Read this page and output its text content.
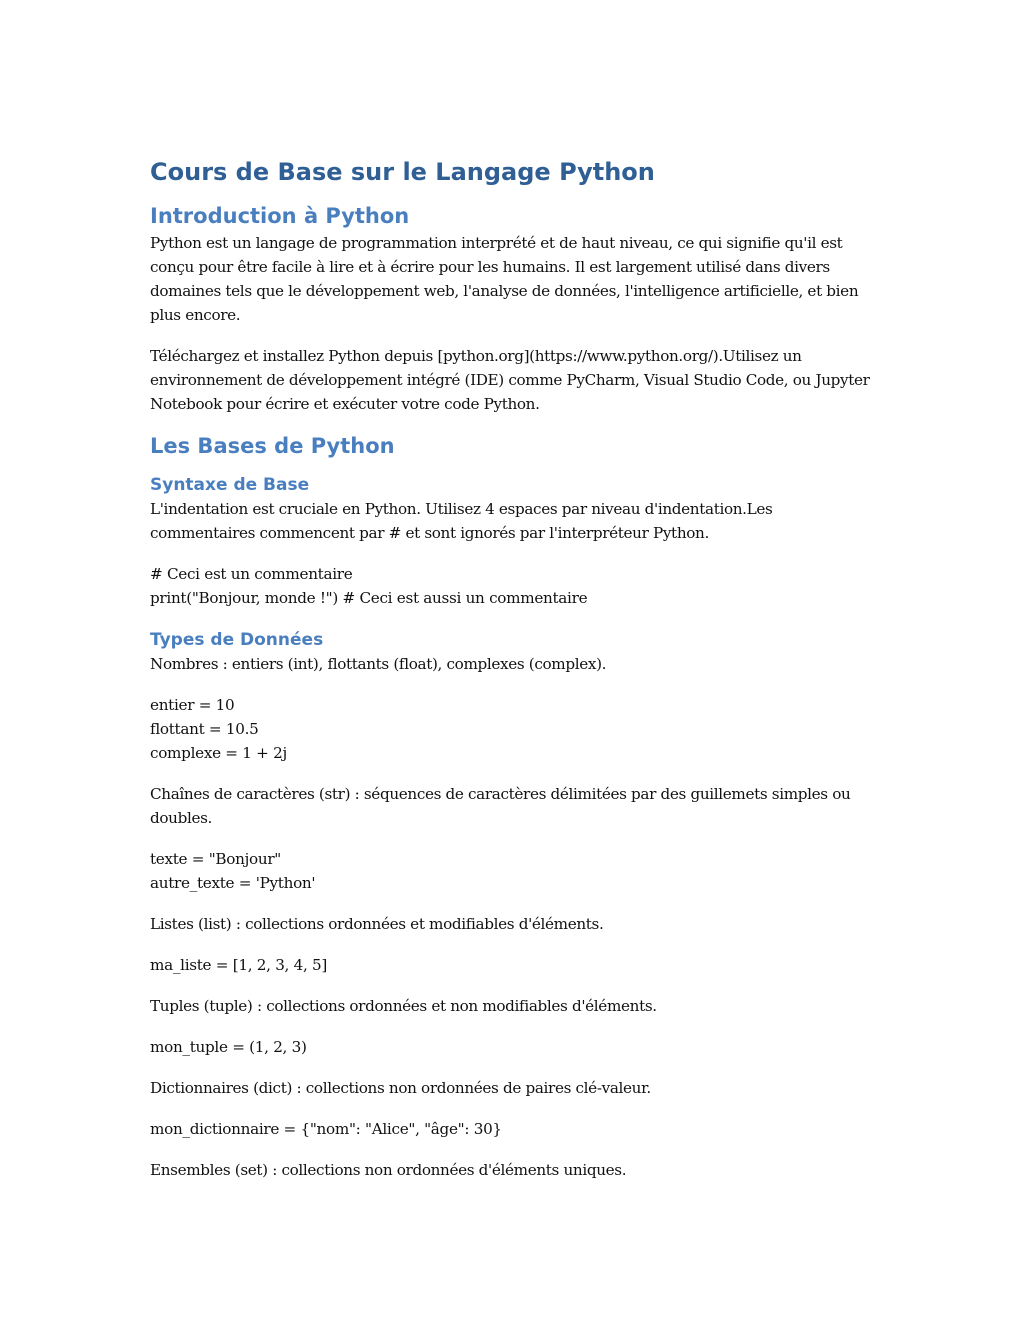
Cours de Base sur le Langage Python
Introduction à Python

Python est un langage de programmation interprété et de haut niveau, ce qui signifie qu'il est conçu pour être facile à lire et à écrire pour les humains. Il est largement utilisé dans divers domaines tels que le développement web, l'analyse de données, l'intelligence artificielle, et bien plus encore.

Téléchargez et installez Python depuis [python.org](https://www.python.org/).Utilisez un environnement de développement intégré (IDE) comme PyCharm, Visual Studio Code, ou Jupyter Notebook pour écrire et exécuter votre code Python.

Les Bases de Python
Syntaxe de Base

L'indentation est cruciale en Python. Utilisez 4 espaces par niveau d'indentation.Les commentaires commencent par # et sont ignorés par l'interpréteur Python.

# Ceci est un commentaire

print("Bonjour, monde !") # Ceci est aussi un commentaire

Types de Données

Nombres : entiers (int), flottants (float), complexes (complex).

entier = 10

flottant = 10.5

complexe = 1 + 2j

Chaînes de caractères (str) : séquences de caractères délimitées par des guillemets simples ou doubles.

texte = "Bonjour"

autre_texte = 'Python'

Listes (list) : collections ordonnées et modifiables d'éléments.

ma_liste = [1, 2, 3, 4, 5]

Tuples (tuple) : collections ordonnées et non modifiables d'éléments.

mon_tuple = (1, 2, 3)

Dictionnaires (dict) : collections non ordonnées de paires clé-valeur.

mon_dictionnaire = {"nom": "Alice", "âge": 30}

Ensembles (set) : collections non ordonnées d'éléments uniques.
